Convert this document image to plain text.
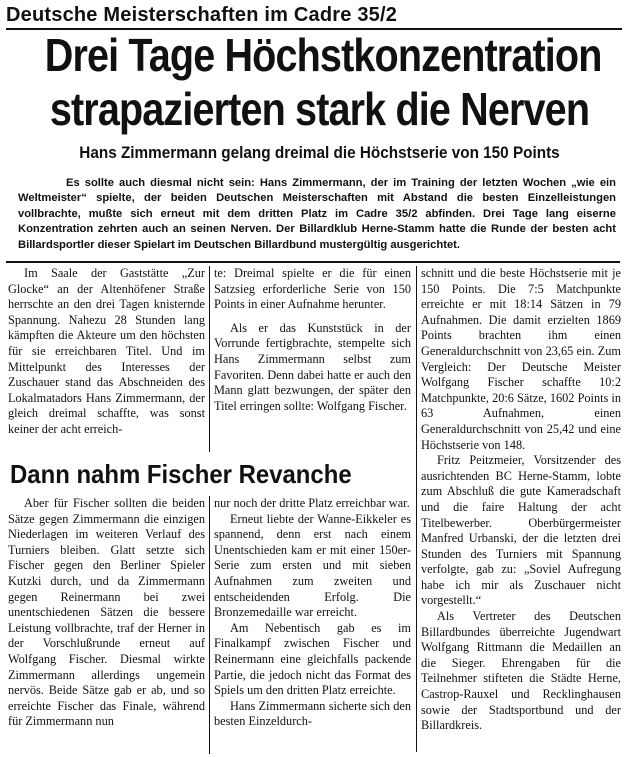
Deutsche Meisterschaften im Cadre 35/2
Drei Tage Höchstkonzentration
strapazierten stark die Nerven
Hans Zimmermann gelang dreimal die Höchstserie von 150 Points
Es sollte auch diesmal nicht sein: Hans Zimmermann, der im Training der letzten Wochen „wie ein Weltmeister“ spielte, der beiden Deutschen Meisterschaften mit Abstand die besten Einzelleistungen vollbrachte, mußte sich erneut mit dem dritten Platz im Cadre 35/2 abfinden. Drei Tage lang eiserne Konzentration zehrten auch an seinen Nerven. Der Billardklub Herne-Stamm hatte die Runde der besten acht Billardsportler dieser Spielart im Deutschen Billardbund mustergültig ausgerichtet.

Im Saale der Gaststätte „Zur Glocke“ an der Altenhöfener Straße herrschte an den drei Tagen knisternde Spannung. Nahezu 28 Stunden lang kämpften die Akteure um den höchsten für sie erreichbaren Titel. Und im Mittelpunkt des Interesses der Zuschauer stand das Abschneiden des Lokalmatadors Hans Zimmermann, der gleich dreimal schaffte, was sonst keiner der acht erreich-

te: Dreimal spielte er die für einen Satzsieg erforderliche Serie von 150 Points in einer Aufnahme herunter.

Als er das Kunststück in der Vorrunde fertigbrachte, stempelte sich Hans Zimmermann selbst zum Favoriten. Denn dabei hatte er auch den Mann glatt bezwungen, der später den Titel erringen sollte: Wolfgang Fischer.

Dann nahm Fischer Revanche

Aber für Fischer sollten die beiden Sätze gegen Zimmermann die einzigen Niederlagen im weiteren Verlauf des Turniers bleiben. Glatt setzte sich Fischer gegen den Berliner Spieler Kutzki durch, und da Zimmermann gegen Reinermann bei zwei unentschiedenen Sätzen die bessere Leistung vollbrachte, traf der Herner in der Vorschlußrunde erneut auf Wolfgang Fischer. Diesmal wirkte Zimmermann allerdings ungemein nervös. Beide Sätze gab er ab, und so erreichte Fischer das Finale, während für Zimmermann nun

nur noch der dritte Platz erreichbar war.

Erneut liebte der Wanne-Eikkeler es spannend, denn erst nach einem Unentschieden kam er mit einer 150er-Serie zum ersten und mit sieben Aufnahmen zum zweiten und entscheidenden Erfolg. Die Bronzemedaille war erreicht.

Am Nebentisch gab es im Finalkampf zwischen Fischer und Reinermann eine gleichfalls packende Partie, die jedoch nicht das Format des Spiels um den dritten Platz erreichte.

Hans Zimmermann sicherte sich den besten Einzeldurch-

schnitt und die beste Höchstserie mit je 150 Points. Die 7:5 Matchpunkte erreichte er mit 18:14 Sätzen in 79 Aufnahmen. Die damit erzielten 1869 Points brachten ihm einen Generaldurchschnitt von 23,65 ein. Zum Vergleich: Der Deutsche Meister Wolfgang Fischer schaffte 10:2 Matchpunkte, 20:6 Sätze, 1602 Points in 63 Aufnahmen, einen Generaldurchschnitt von 25,42 und eine Höchstserie von 148.

Fritz Peitzmeier, Vorsitzender des ausrichtenden BC Herne-Stamm, lobte zum Abschluß die gute Kameradschaft und die faire Haltung der acht Titelbewerber. Oberbürgermeister Manfred Urbanski, der die letzten drei Stunden des Turniers mit Spannung verfolgte, gab zu: „Soviel Aufregung habe ich mir als Zuschauer nicht vorgestellt.“

Als Vertreter des Deutschen Billardbundes überreichte Jugendwart Wolfgang Rittmann die Medaillen an die Sieger. Ehrengaben für die Teilnehmer stifteten die Städte Herne, Castrop-Rauxel und Recklinghausen sowie der Stadtsportbund und der Billardkreis.
